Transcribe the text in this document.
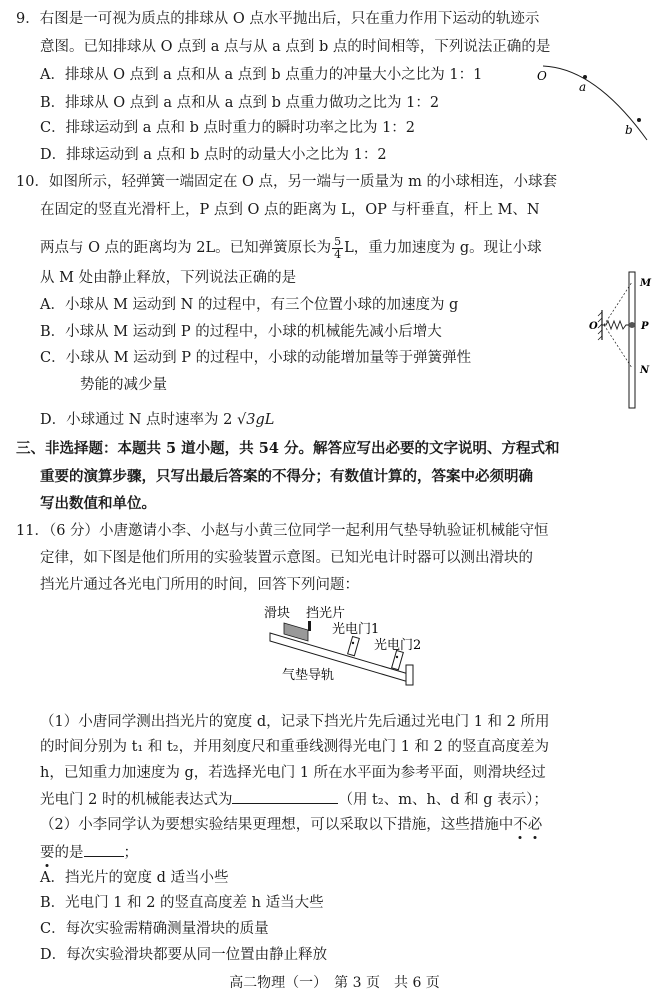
9．右图是一可视为质点的排球从 O 点水平抛出后，只在重力作用下运动的轨迹示
意图。已知排球从 O 点到 a 点与从 a 点到 b 点的时间相等，下列说法正确的是
A．排球从 O 点到 a 点和从 a 点到 b 点重力的冲量大小之比为 1：1
B．排球从 O 点到 a 点和从 a 点到 b 点重力做功之比为 1：2
C．排球运动到 a 点和 b 点时重力的瞬时功率之比为 1：2
D．排球运动到 a 点和 b 点时的动量大小之比为 1：2
O
a
b
10．如图所示，轻弹簧一端固定在 O 点，另一端与一质量为 m 的小球相连，小球套
在固定的竖直光滑杆上，P 点到 O 点的距离为 L，OP 与杆垂直，杆上 M、N
两点与 O 点的距离均为 2L。已知弹簧原长为 $\frac{5}{4}$ L，重力加速度为 g。现让小球
从 M 处由静止释放，下列说法正确的是
A．小球从 M 运动到 N 的过程中，有三个位置小球的加速度为 g
B．小球从 M 运动到 P 的过程中，小球的机械能先减小后增大
C．小球从 M 运动到 P 的过程中，小球的动能增加量等于弹簧弹性
势能的减少量
D．小球通过 N 点时速率为 2 √3gL
M
O	P
N
三、非选择题：本题共 5 道小题，共 54 分。解答应写出必要的文字说明、方程式和
重要的演算步骤，只写出最后答案的不得分；有数值计算的，答案中必须明确
写出数值和单位。
11．（6 分）小唐邀请小李、小赵与小黄三位同学一起利用气垫导轨验证机械能守恒
定律，如下图是他们所用的实验装置示意图。已知光电计时器可以测出滑块的
挡光片通过各光电门所用的时间，回答下列问题：
滑块 挡光片
光电门1
光电门2
气垫导轨
（1）小唐同学测出挡光片的宽度 d，记录下挡光片先后通过光电门 1 和 2 所用
的时间分别为 t₁ 和 t₂，并用刻度尺和重垂线测得光电门 1 和 2 的竖直高度差为
h，已知重力加速度为 g，若选择光电门 1 所在水平面为参考平面，则滑块经过
光电门 2 时的机械能表达式为	（用 t₂、m、h、d 和 g 表示）；
（2）小李同学认为要想实验结果更理想，可以采取以下措施，这些措施中不必
要的是	；
A．挡光片的宽度 d 适当小些
B．光电门 1 和 2 的竖直高度差 h 适当大些
C．每次实验需精确测量滑块的质量
D．每次实验滑块都要从同一位置由静止释放
高二物理（一）　第 3 页　共 6 页
